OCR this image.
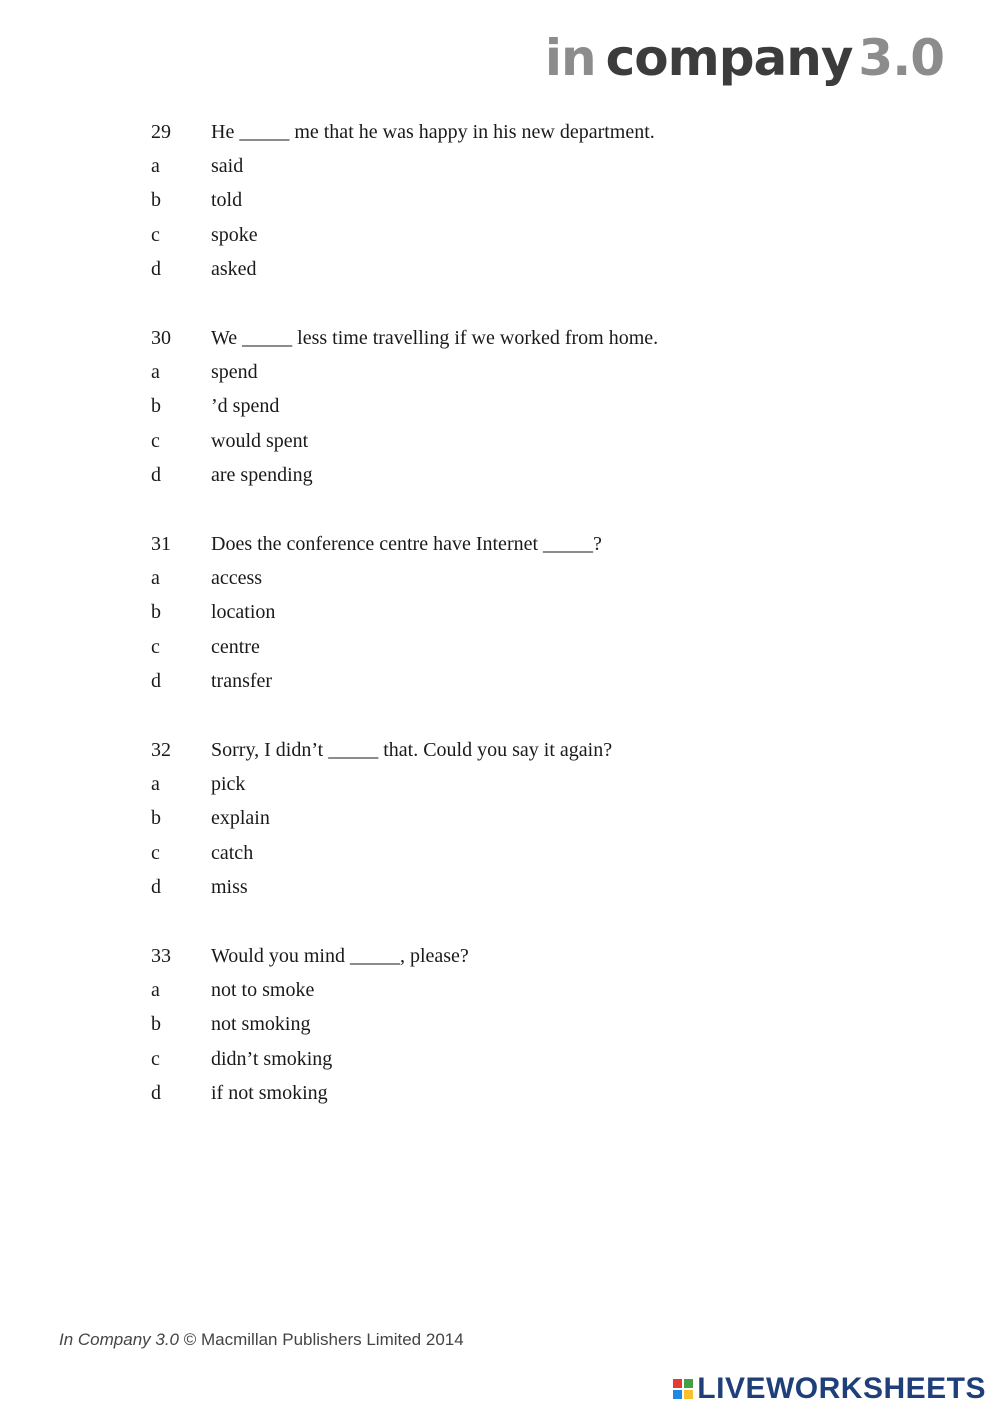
in company 3.0
29	He _____ me that he was happy in his new department.
a	said
b	told
c	spoke
d	asked
30	We _____ less time travelling if we worked from home.
a	spend
b	’d spend
c	would spent
d	are spending
31	Does the conference centre have Internet _____?
a	access
b	location
c	centre
d	transfer
32	Sorry, I didn’t _____ that. Could you say it again?
a	pick
b	explain
c	catch
d	miss
33	Would you mind _____, please?
a	not to smoke
b	not smoking
c	didn’t smoking
d	if not smoking
In Company 3.0 © Macmillan Publishers Limited 2014
LIVEWORKSHEETS
